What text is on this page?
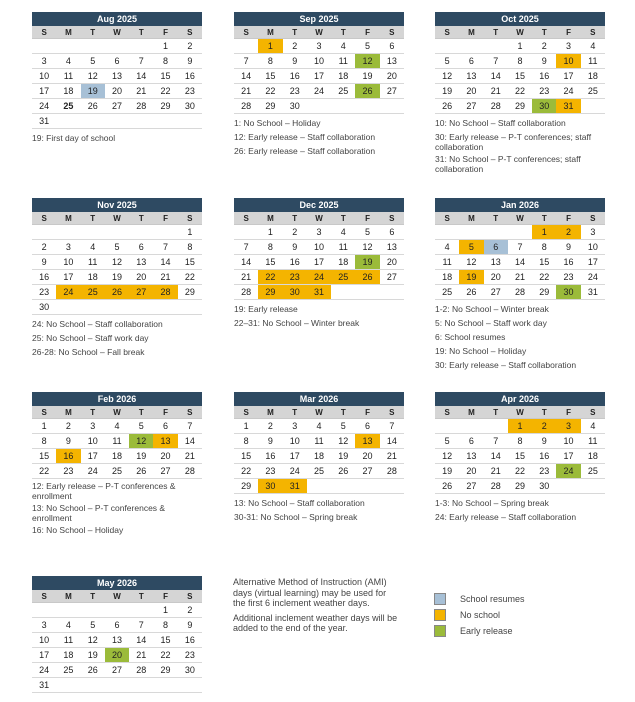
Aug 2025						
S	M	T	W	T	F	S
					1	2
3	4	5	6	7	8	9
10	11	12	13	14	15	16
17	18	19	20	21	22	23
24	25	26	27	28	29	30
31						

19: First day of school

Sep 2025						
S	M	T	W	T	F	S
	1	2	3	4	5	6
7	8	9	10	11	12	13
14	15	16	17	18	19	20
21	22	23	24	25	26	27
28	29	30				

1: No School – Holiday

12: Early release – Staff collaboration

26: Early release – Staff collaboration

Oct 2025						
S	M	T	W	T	F	S
			1	2	3	4
5	6	7	8	9	10	11
12	13	14	15	16	17	18
19	20	21	22	23	24	25
26	27	28	29	30	31	

10: No School – Staff collaboration

30: Early release – P-T conferences; staff collaboration

31: No School – P-T conferences; staff collaboration

Nov 2025						
S	M	T	W	T	F	S
						1
2	3	4	5	6	7	8
9	10	11	12	13	14	15
16	17	18	19	20	21	22
23	24	25	26	27	28	29
30						

24: No School – Staff collaboration

25: No School – Staff work day

26-28: No School – Fall break

Dec 2025						
S	M	T	W	T	F	S
	1	2	3	4	5	6
7	8	9	10	11	12	13
14	15	16	17	18	19	20
21	22	23	24	25	26	27
28	29	30	31			

19: Early release

22–31: No School – Winter break

Jan 2026						
S	M	T	W	T	F	S
				1	2	3
4	5	6	7	8	9	10
11	12	13	14	15	16	17
18	19	20	21	22	23	24
25	26	27	28	29	30	31

1-2: No School – Winter break

5: No School – Staff work day

6: School resumes

19: No School – Holiday

30: Early release – Staff collaboration

Feb 2026						
S	M	T	W	T	F	S
1	2	3	4	5	6	7
8	9	10	11	12	13	14
15	16	17	18	19	20	21
22	23	24	25	26	27	28

12: Early release – P-T conferences & enrollment

13: No School – P-T conferences & enrollment

16: No School – Holiday

Mar 2026						
S	M	T	W	T	F	S
1	2	3	4	5	6	7
8	9	10	11	12	13	14
15	16	17	18	19	20	21
22	23	24	25	26	27	28
29	30	31				

13: No School – Staff collaboration

30-31: No School – Spring break

Apr 2026						
S	M	T	W	T	F	S
			1	2	3	4
5	6	7	8	9	10	11
12	13	14	15	16	17	18
19	20	21	22	23	24	25
26	27	28	29	30		

1-3: No School – Spring break

24: Early release – Staff collaboration

May 2026						
S	M	T	W	T	F	S
					1	2
3	4	5	6	7	8	9
10	11	12	13	14	15	16
17	18	19	20	21	22	23
24	25	26	27	28	29	30
31						

Alternative Method of Instruction (AMI) days (virtual learning) may be used for the first 6 inclement weather days.

Additional inclement weather days will be added to the end of the year.

School resumes
No school
Early release
